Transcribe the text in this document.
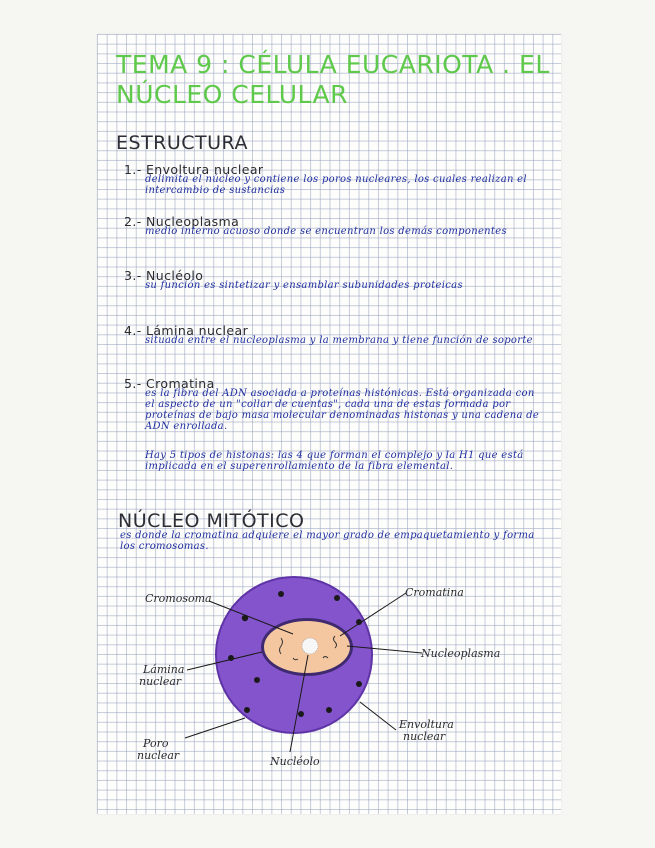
TEMA 9 : CÉLULA EUCARIOTA . EL NÚCLEO CELULAR
ESTRUCTURA
1.- Envoltura nuclear

delimita el núcleo y contiene los poros nucleares, los cuales realizan el intercambio de sustancias

2.- Nucleoplasma

medio interno acuoso donde se encuentran los demás componentes

3.- Nucléolo

su función es sintetizar y ensamblar subunidades proteicas

4.- Lámina nuclear

situada entre el nucleoplasma y la membrana y tiene función de soporte

5.- Cromatina

es la fibra del ADN asociada a proteínas histónicas. Está organizada con el aspecto de un "collar de cuentas", cada una de estas formada por proteínas de bajo masa molecular denominadas histonas y una cadena de ADN enrollada.

Hay 5 tipos de histonas: las 4 que forman el complejo y la H1 que está implicada en el superenrollamiento de la fibra elemental.

NÚCLEO MITÓTICO

es donde la cromatina adquiere el mayor grado de empaquetamiento y forma los cromosomas.

Cromosoma	Cromatina
Nucleoplasma
Lámina
nuclear
Envoltura
nuclear
Poro
nuclear	Nucléolo
